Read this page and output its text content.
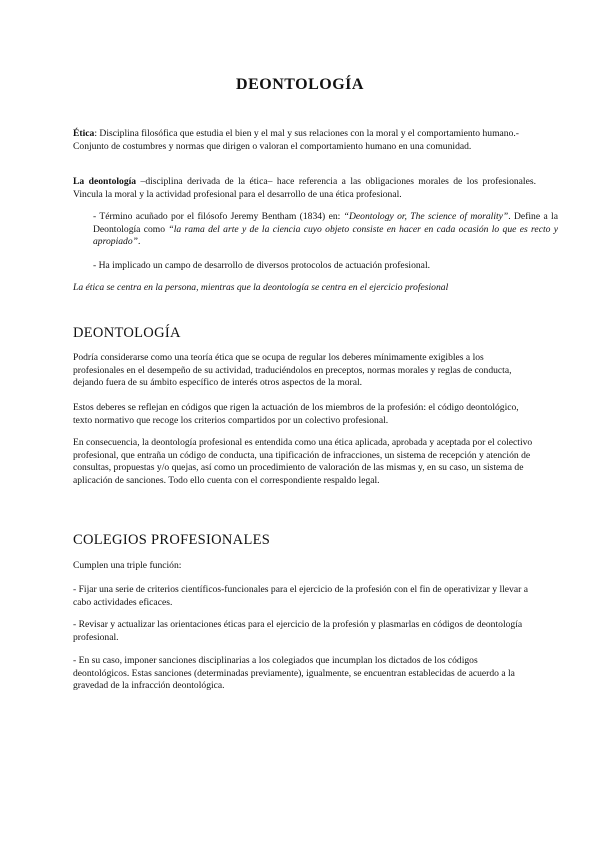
DEONTOLOGÍA
Ética: Disciplina filosófica que estudia el bien y el mal y sus relaciones con la moral y el comportamiento humano.- Conjunto de costumbres y normas que dirigen o valoran el comportamiento humano en una comunidad.
La deontología –disciplina derivada de la ética– hace referencia a las obligaciones morales de los profesionales. Vincula la moral y la actividad profesional para el desarrollo de una ética profesional.
- Término acuñado por el filósofo Jeremy Bentham (1834) en: “Deontology or, The science of morality”. Define a la Deontología como “la rama del arte y de la ciencia cuyo objeto consiste en hacer en cada ocasión lo que es recto y apropiado”.
- Ha implicado un campo de desarrollo de diversos protocolos de actuación profesional.
La ética se centra en la persona, mientras que la deontología se centra en el ejercicio profesional
DEONTOLOGÍA
Podría considerarse como una teoría ética que se ocupa de regular los deberes mínimamente exigibles a los profesionales en el desempeño de su actividad, traduciéndolos en preceptos, normas morales y reglas de conducta, dejando fuera de su ámbito específico de interés otros aspectos de la moral.
Estos deberes se reflejan en códigos que rigen la actuación de los miembros de la profesión: el código deontológico, texto normativo que recoge los criterios compartidos por un colectivo profesional.
En consecuencia, la deontología profesional es entendida como una ética aplicada, aprobada y aceptada por el colectivo profesional, que entraña un código de conducta, una tipificación de infracciones, un sistema de recepción y atención de consultas, propuestas y/o quejas, así como un procedimiento de valoración de las mismas y, en su caso, un sistema de aplicación de sanciones. Todo ello cuenta con el correspondiente respaldo legal.
COLEGIOS PROFESIONALES
Cumplen una triple función:
- Fijar una serie de criterios científicos-funcionales para el ejercicio de la profesión con el fin de operativizar y llevar a cabo actividades eficaces.
- Revisar y actualizar las orientaciones éticas para el ejercicio de la profesión y plasmarlas en códigos de deontología profesional.
- En su caso, imponer sanciones disciplinarias a los colegiados que incumplan los dictados de los códigos deontológicos. Estas sanciones (determinadas previamente), igualmente, se encuentran establecidas de acuerdo a la gravedad de la infracción deontológica.
